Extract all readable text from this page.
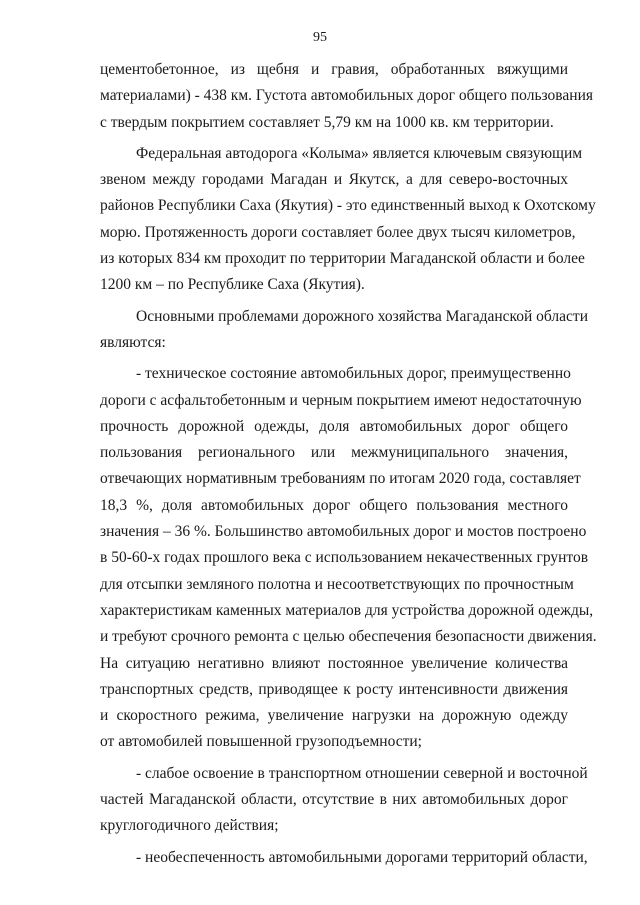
95
цементобетонное, из щебня и гравия, обработанных вяжущими
материалами) - 438 км. Густота автомобильных дорог общего пользования
с твердым покрытием составляет 5,79 км на 1000 кв. км территории.
Федеральная автодорога «Колыма» является ключевым связующим
звеном между городами Магадан и Якутск, а для северо-восточных
районов Республики Саха (Якутия) - это единственный выход к Охотскому
морю. Протяженность дороги составляет более двух тысяч километров,
из которых 834 км проходит по территории Магаданской области и более
1200 км – по Республике Саха (Якутия).
Основными проблемами дорожного хозяйства Магаданской области
являются:
- техническое состояние автомобильных дорог, преимущественно
дороги с асфальтобетонным и черным покрытием имеют недостаточную
прочность дорожной одежды, доля автомобильных дорог общего
пользования регионального или межмуниципального значения,
отвечающих нормативным требованиям по итогам 2020 года, составляет
18,3 %, доля автомобильных дорог общего пользования местного
значения – 36 %. Большинство автомобильных дорог и мостов построено
в 50-60-х годах прошлого века с использованием некачественных грунтов
для отсыпки земляного полотна и несоответствующих по прочностным
характеристикам каменных материалов для устройства дорожной одежды,
и требуют срочного ремонта с целью обеспечения безопасности движения.
На ситуацию негативно влияют постоянное увеличение количества
транспортных средств, приводящее к росту интенсивности движения
и скоростного режима, увеличение нагрузки на дорожную одежду
от автомобилей повышенной грузоподъемности;
- слабое освоение в транспортном отношении северной и восточной
частей Магаданской области, отсутствие в них автомобильных дорог
круглогодичного действия;
- необеспеченность автомобильными дорогами территорий области,
